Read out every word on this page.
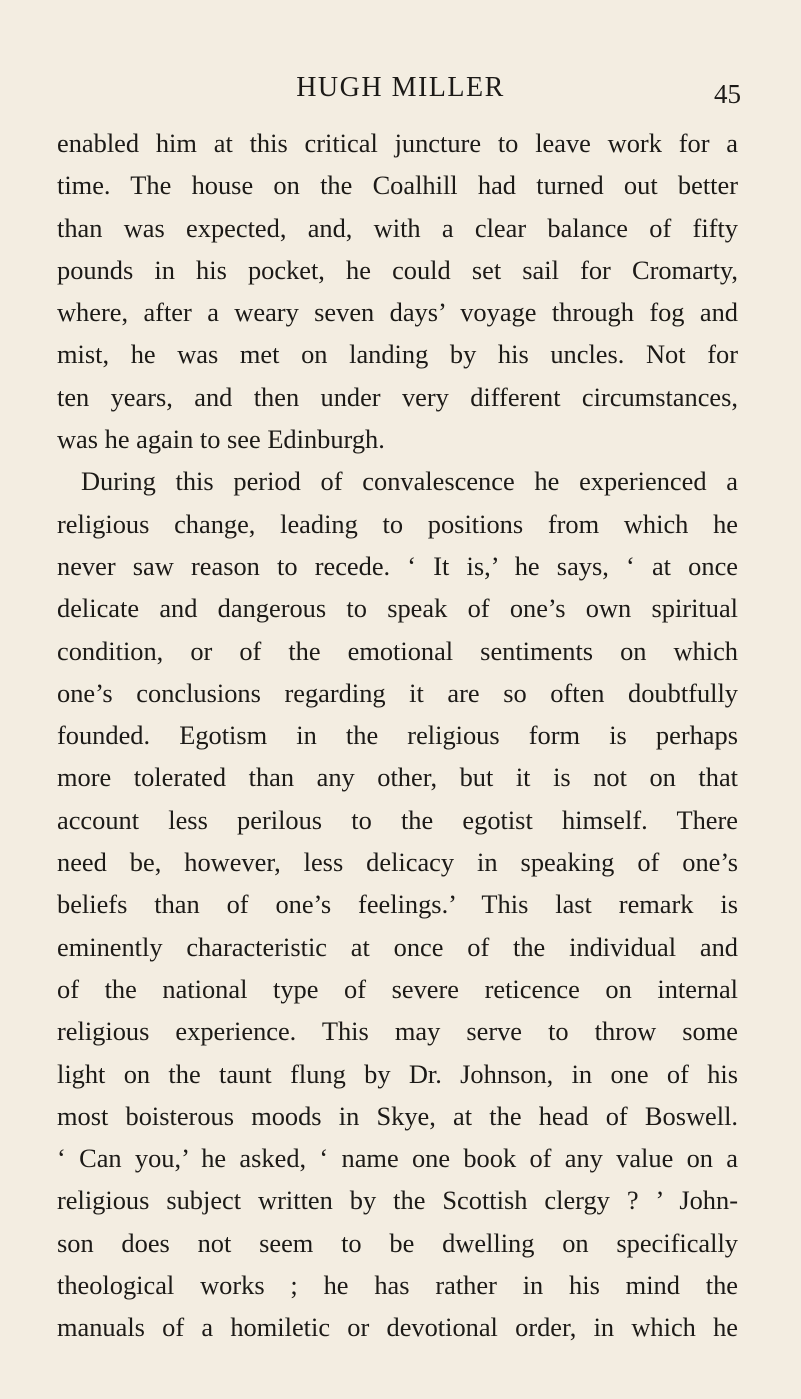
HUGH MILLER	45
enabled him at this critical juncture to leave work for a
time. The house on the Coalhill had turned out better
than was expected, and, with a clear balance of fifty
pounds in his pocket, he could set sail for Cromarty,
where, after a weary seven days’ voyage through fog and
mist, he was met on landing by his uncles. Not for
ten years, and then under very different circumstances,
was he again to see Edinburgh.
During this period of convalescence he experienced a
religious change, leading to positions from which he
never saw reason to recede. ‘ It is,’ he says, ‘ at once
delicate and dangerous to speak of one’s own spiritual
condition, or of the emotional sentiments on which
one’s conclusions regarding it are so often doubtfully
founded. Egotism in the religious form is perhaps
more tolerated than any other, but it is not on that
account less perilous to the egotist himself. There
need be, however, less delicacy in speaking of one’s
beliefs than of one’s feelings.’ This last remark is
eminently characteristic at once of the individual and
of the national type of severe reticence on internal
religious experience. This may serve to throw some
light on the taunt flung by Dr. Johnson, in one of his
most boisterous moods in Skye, at the head of Boswell.
‘ Can you,’ he asked, ‘ name one book of any value on a
religious subject written by the Scottish clergy ? ’ John-
son does not seem to be dwelling on specifically
theological works ; he has rather in his mind the
manuals of a homiletic or devotional order, in which he
